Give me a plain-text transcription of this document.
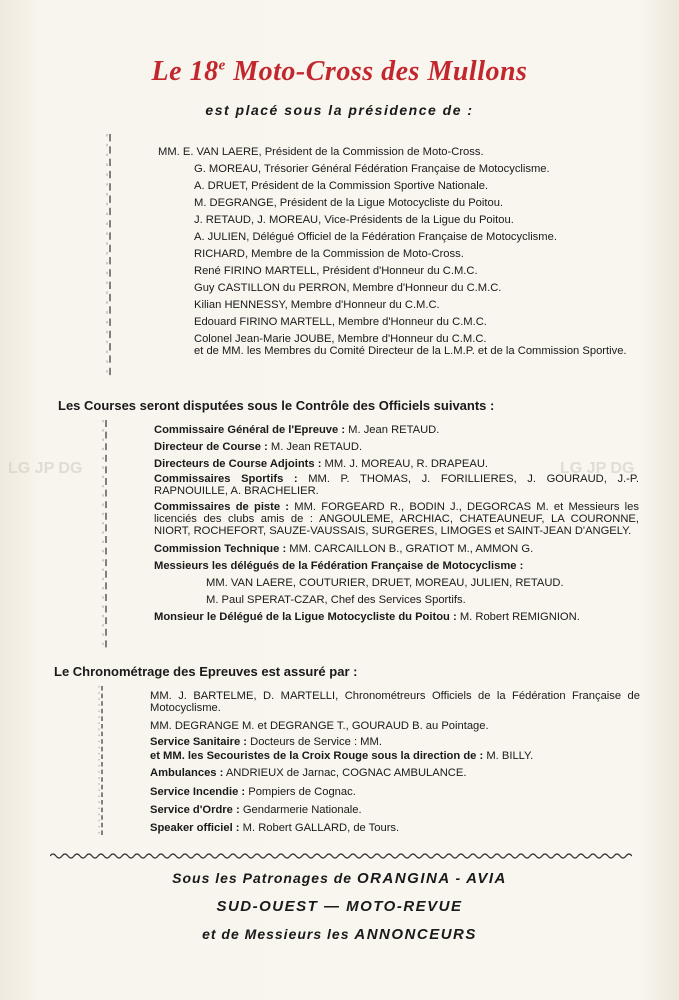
LG JP DG	LG JP DG
Le 18e Moto-Cross des Mullons
est placé sous la présidence de :
MM. E. VAN LAERE, Président de la Commission de Moto-Cross.
G. MOREAU, Trésorier Général Fédération Française de Motocyclisme.
A. DRUET, Président de la Commission Sportive Nationale.
M. DEGRANGE, Président de la Ligue Motocycliste du Poitou.
J. RETAUD, J. MOREAU, Vice-Présidents de la Ligue du Poitou.
A. JULIEN, Délégué Officiel de la Fédération Française de Motocyclisme.
RICHARD, Membre de la Commission de Moto-Cross.
René FIRINO MARTELL, Président d'Honneur du C.M.C.
Guy CASTILLON du PERRON, Membre d'Honneur du C.M.C.
Kilian HENNESSY, Membre d'Honneur du C.M.C.
Edouard FIRINO MARTELL, Membre d'Honneur du C.M.C.
Colonel Jean-Marie JOUBE, Membre d'Honneur du C.M.C.
et de MM. les Membres du Comité Directeur de la L.M.P. et de la Commission Sportive.
Les Courses seront disputées sous le Contrôle des Officiels suivants :
Commissaire Général de l'Epreuve : M. Jean RETAUD.
Directeur de Course : M. Jean RETAUD.
Directeurs de Course Adjoints : MM. J. MOREAU, R. DRAPEAU.
Commissaires Sportifs : MM. P. THOMAS, J. FORILLIERES, J. GOURAUD, J.-P. RAPNOUILLE, A. BRACHELIER.
Commissaires de piste : MM. FORGEARD R., BODIN J., DEGORCAS M. et Messieurs les licenciés des clubs amis de : ANGOULEME, ARCHIAC, CHATEAUNEUF, LA COURONNE, NIORT, ROCHEFORT, SAUZE-VAUSSAIS, SURGERES, LIMOGES et SAINT-JEAN D'ANGELY.
Commission Technique : MM. CARCAILLON B., GRATIOT M., AMMON G.
Messieurs les délégués de la Fédération Française de Motocyclisme :
MM. VAN LAERE, COUTURIER, DRUET, MOREAU, JULIEN, RETAUD.
M. Paul SPERAT-CZAR, Chef des Services Sportifs.
Monsieur le Délégué de la Ligue Motocycliste du Poitou : M. Robert REMIGNION.
Le Chronométrage des Epreuves est assuré par :
MM. J. BARTELME, D. MARTELLI, Chronométreurs Officiels de la Fédération Française de Motocyclisme.
MM. DEGRANGE M. et DEGRANGE T., GOURAUD B. au Pointage.
Service Sanitaire : Docteurs de Service : MM.
et MM. les Secouristes de la Croix Rouge sous la direction de : M. BILLY.
Ambulances : ANDRIEUX de Jarnac, COGNAC AMBULANCE.
Service Incendie : Pompiers de Cognac.
Service d'Ordre : Gendarmerie Nationale.
Speaker officiel : M. Robert GALLARD, de Tours.
Sous les Patronages de ORANGINA - AVIA
SUD-OUEST — MOTO-REVUE
et de Messieurs les ANNONCEURS
